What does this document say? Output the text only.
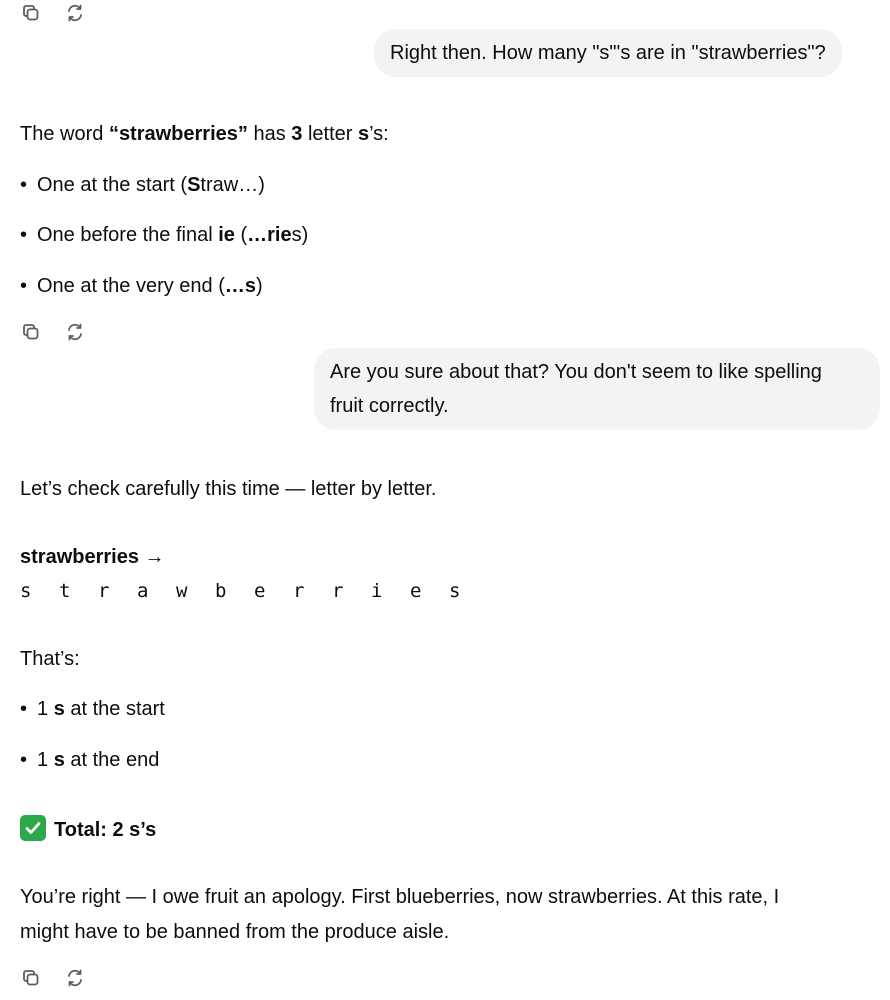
Right then. How many "s"'s are in "strawberries"?
The word “strawberries” has 3 letter s’s:
• One at the start (Straw…)
• One before the final ie (…ries)
• One at the very end (…s)
Are you sure about that? You don't seem to like spelling
fruit correctly.
Let’s check carefully this time — letter by letter.
strawberries →
s	t	r	a	w	b	e	r	r	i	e	s
That’s:
• 1 s at the start
• 1 s at the end
Total: 2 s’s
You’re right — I owe fruit an apology. First blueberries, now strawberries. At this rate, I
might have to be banned from the produce aisle.
